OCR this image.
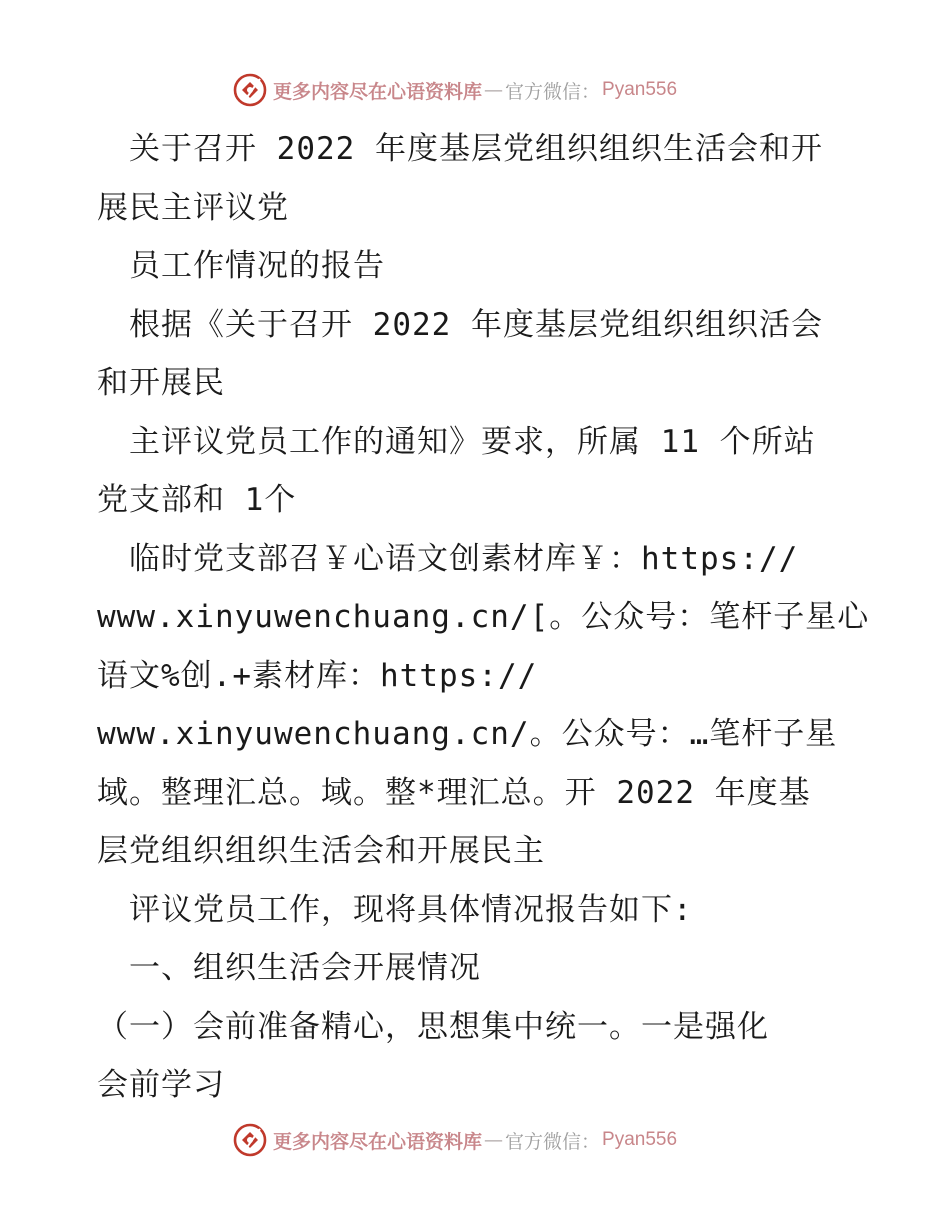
更多内容尽在心语资料库 — 官方微信： Pyan556
　关于召开 2022 年度基层党组织组织生活会和开
展民主评议党
　员工作情况的报告
　根据《关于召开 2022 年度基层党组织组织活会
和开展民
　主评议党员工作的通知》要求，所属 11 个所站
党支部和 1个
　临时党支部召￥心语文创素材库￥：https://
www.xinyuwenchuang.cn/[。公众号：笔杆子星心
语文%创.+素材库：https://
www.xinyuwenchuang.cn/。公众号：…笔杆子星
域。整理汇总。域。整*理汇总。开 2022 年度基
层党组织组织生活会和开展民主
　评议党员工作，现将具体情况报告如下:
　一、组织生活会开展情况
（一）会前准备精心，思想集中统一。一是强化
会前学习
更多内容尽在心语资料库 — 官方微信： Pyan556
